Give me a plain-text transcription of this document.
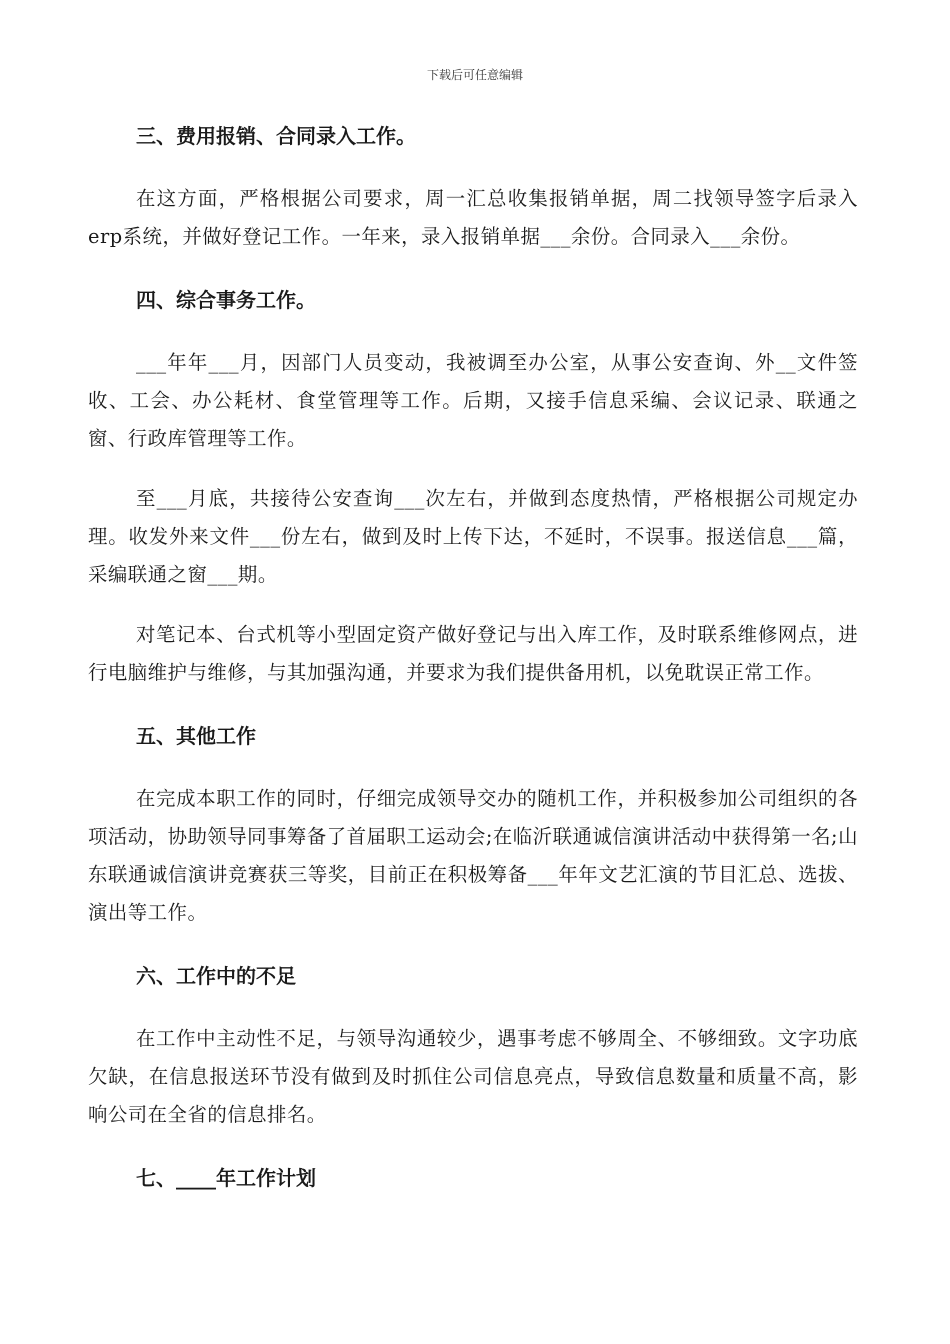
下载后可任意编辑
三、费用报销、合同录入工作。

在这方面，严格根据公司要求，周一汇总收集报销单据，周二找领导签字后录入erp系统，并做好登记工作。一年来，录入报销单据___余份。合同录入___余份。

四、综合事务工作。

___年年___月，因部门人员变动，我被调至办公室，从事公安查询、外__文件签收、工会、办公耗材、食堂管理等工作。后期，又接手信息采编、会议记录、联通之窗、行政库管理等工作。

至___月底，共接待公安查询___次左右，并做到态度热情，严格根据公司规定办理。收发外来文件___份左右，做到及时上传下达，不延时，不误事。报送信息___篇，采编联通之窗___期。

对笔记本、台式机等小型固定资产做好登记与出入库工作，及时联系维修网点，进行电脑维护与维修，与其加强沟通，并要求为我们提供备用机，以免耽误正常工作。

五、其他工作

在完成本职工作的同时，仔细完成领导交办的随机工作，并积极参加公司组织的各项活动，协助领导同事筹备了首届职工运动会;在临沂联通诚信演讲活动中获得第一名;山东联通诚信演讲竞赛获三等奖，目前正在积极筹备___年年文艺汇演的节目汇总、选拔、演出等工作。

六、工作中的不足

在工作中主动性不足，与领导沟通较少，遇事考虑不够周全、不够细致。文字功底欠缺，在信息报送环节没有做到及时抓住公司信息亮点，导致信息数量和质量不高，影响公司在全省的信息排名。

七、____年工作计划
